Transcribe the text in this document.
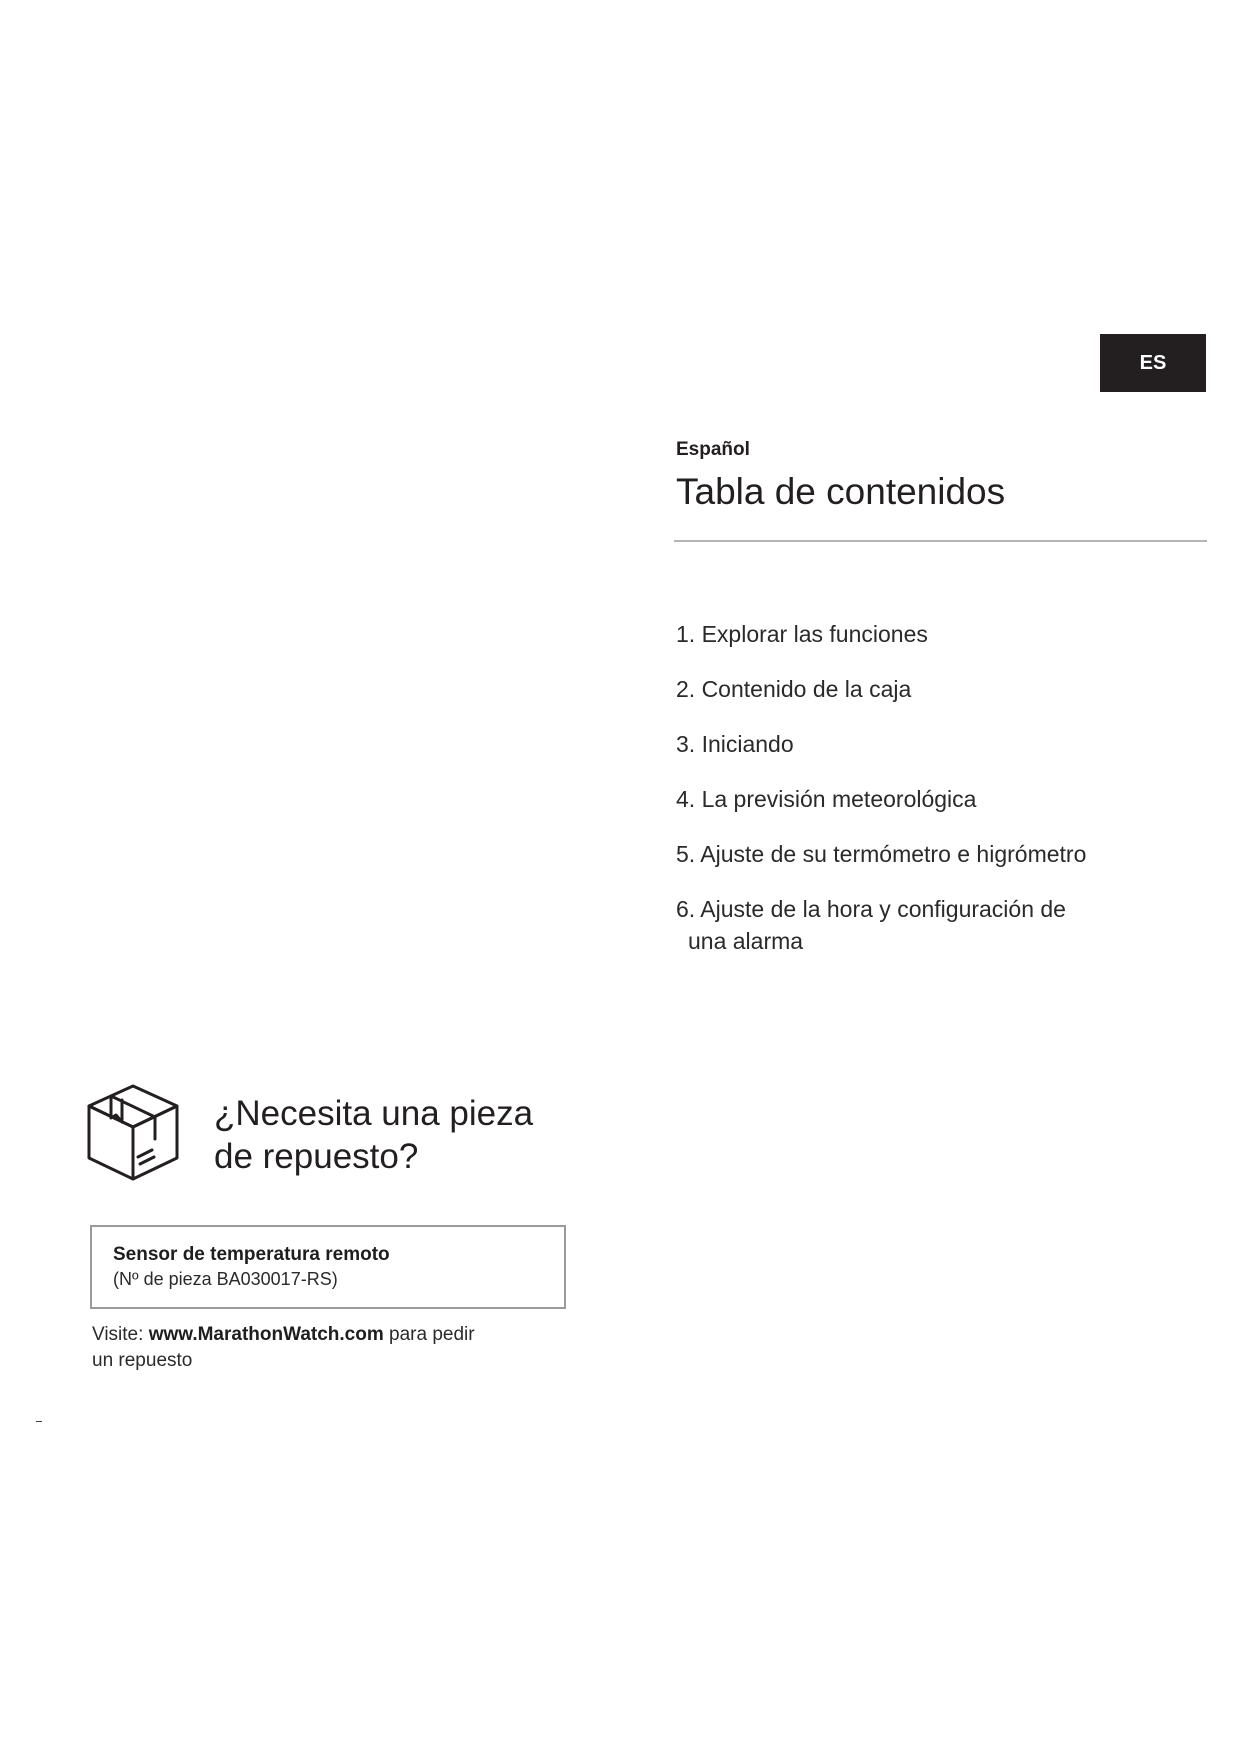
ES

Español

Tabla de contenidos
1. Explorar las funciones
2. Contenido de la caja
3. Iniciando
4. La previsión meteorológica
5. Ajuste de su termómetro e higrómetro
6. Ajuste de la hora y configuración de
una alarma
¿Necesita una pieza
de repuesto?
Sensor de temperatura remoto
(Nº de pieza BA030017-RS)

Visite: www.MarathonWatch.com para pedir
un repuesto
